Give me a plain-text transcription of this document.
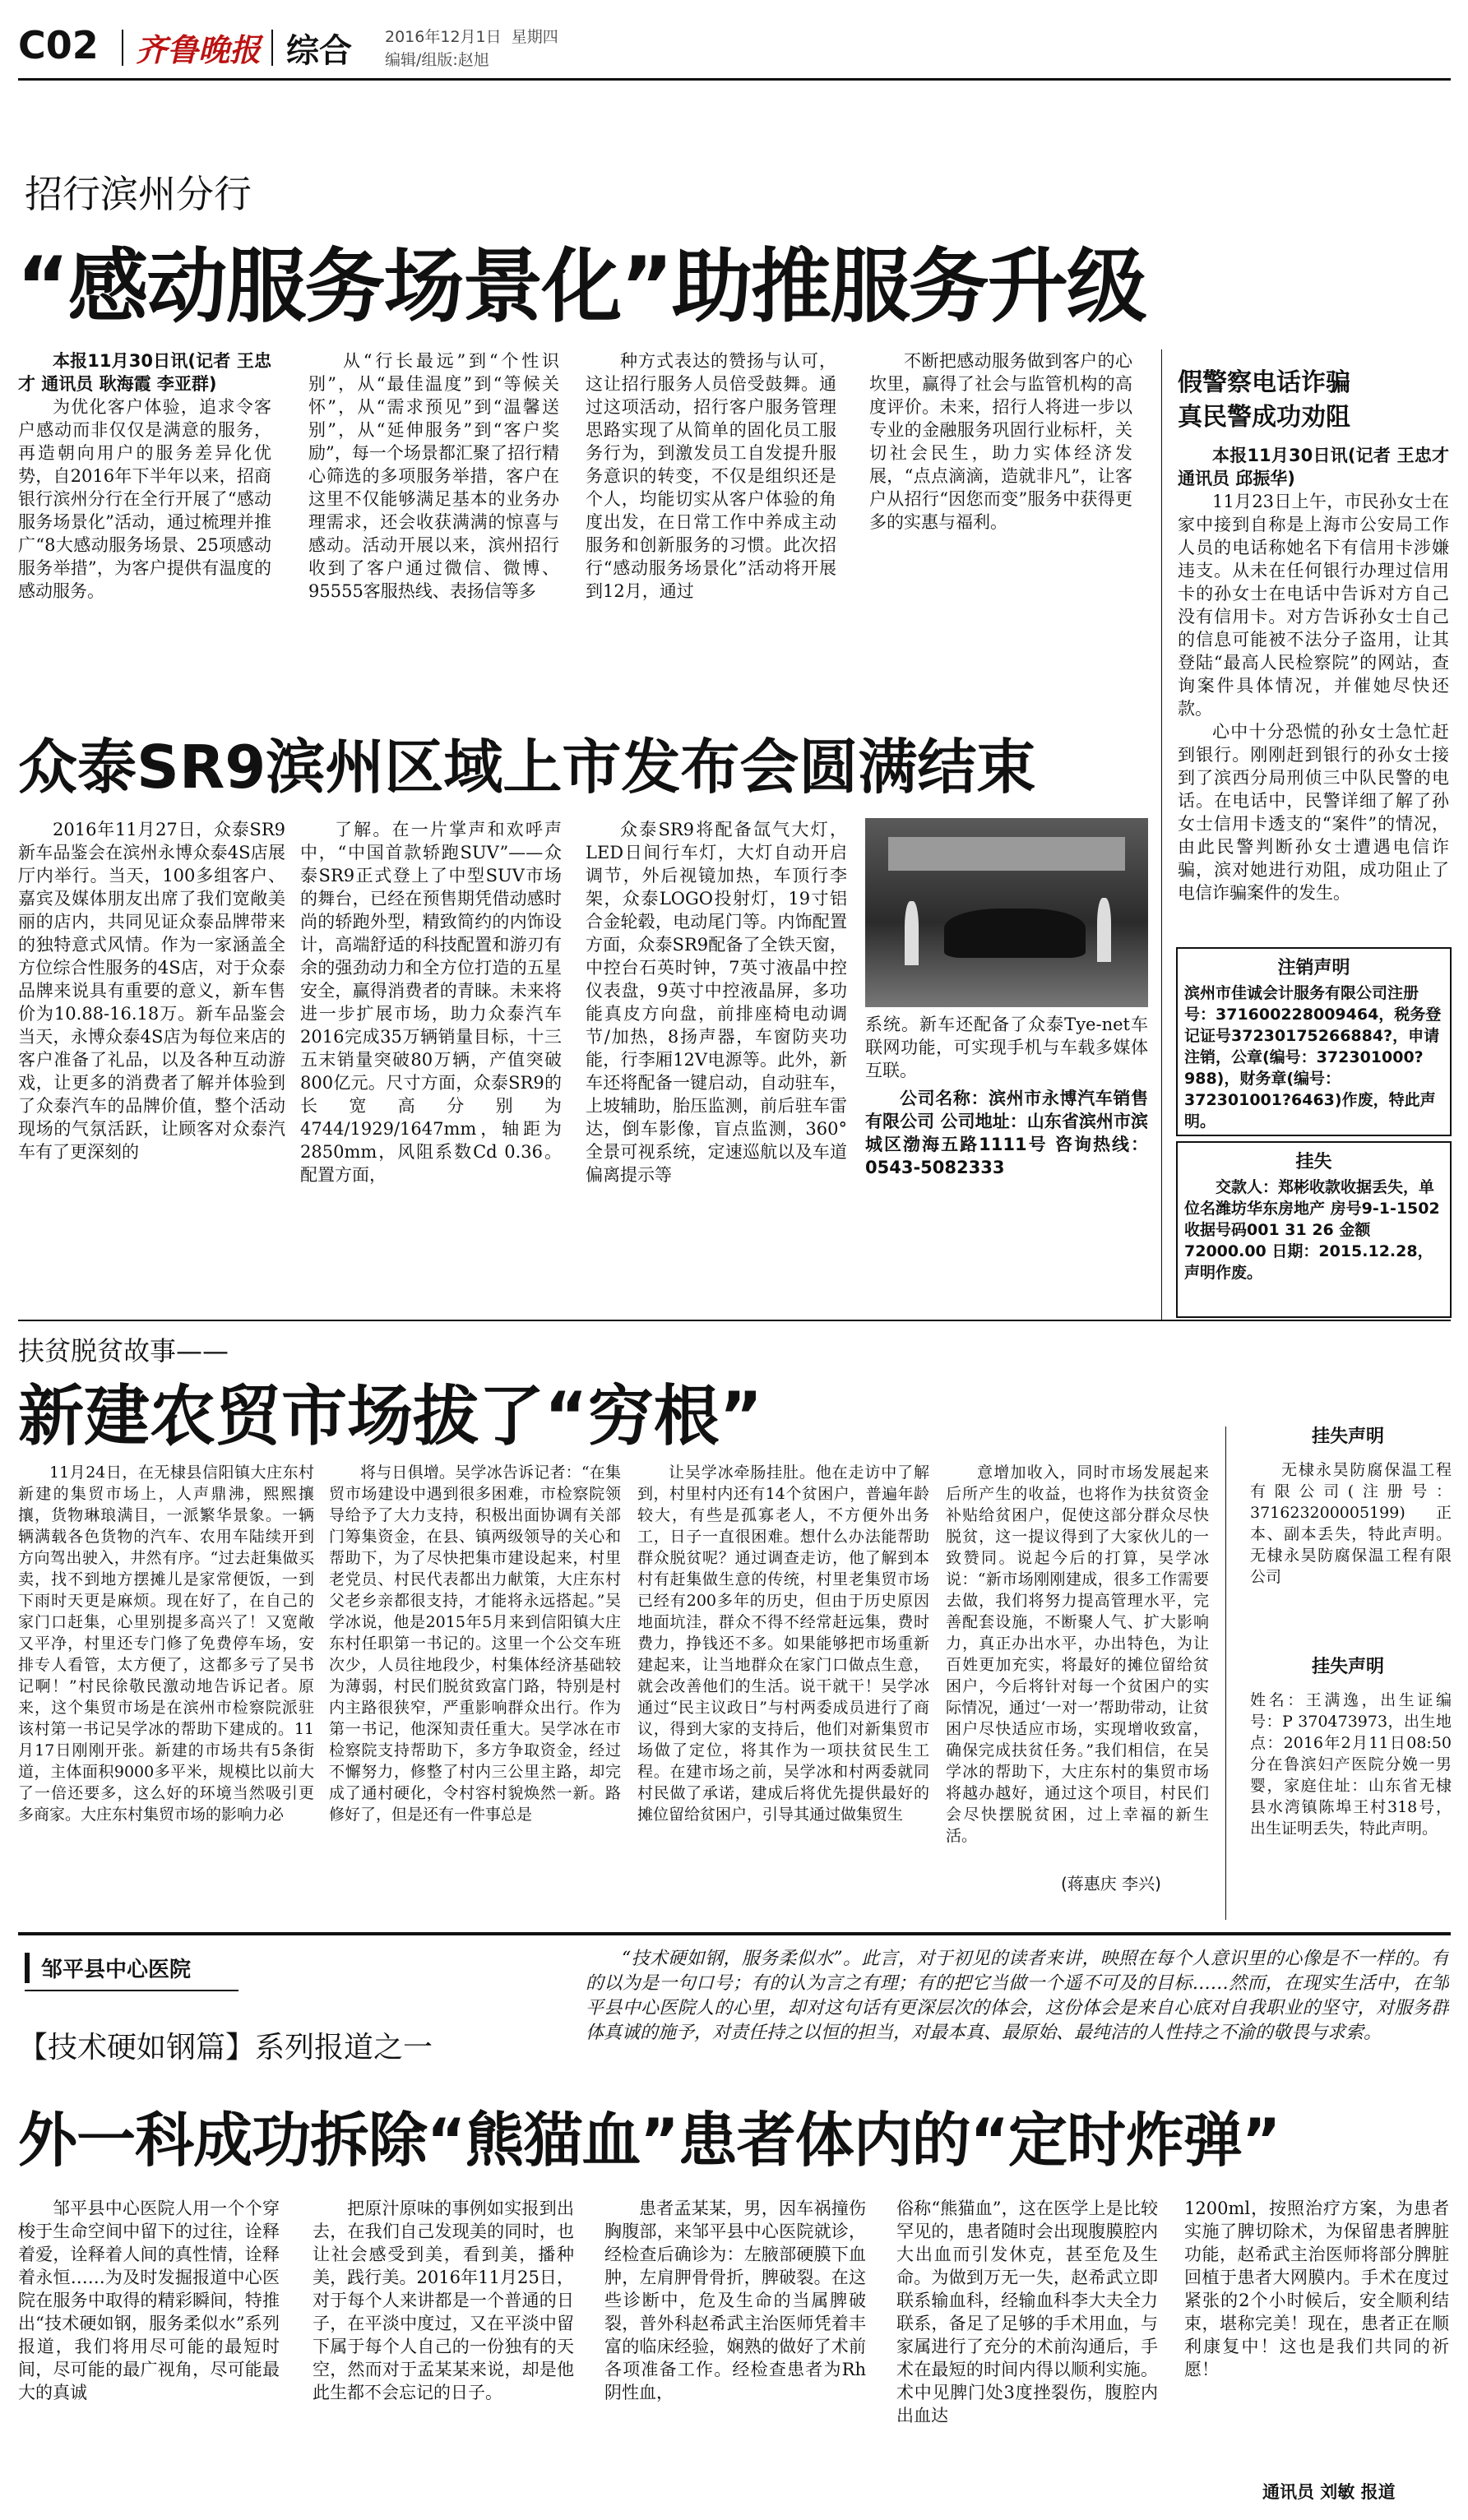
C02 齐鲁晚报 综合 2016年12月1日 星期四
编辑/组版:赵旭
招行滨州分行
“感动服务场景化”助推服务升级

本报11月30日讯(记者 王忠才 通讯员 耿海霞 李亚群)

为优化客户体验，追求令客户感动而非仅仅是满意的服务，再造朝向用户的服务差异化优势，自2016年下半年以来，招商银行滨州分行在全行开展了“感动服务场景化”活动，通过梳理并推广“8大感动服务场景、25项感动服务举措”，为客户提供有温度的感动服务。

从“行长最远”到“个性识别”，从“最佳温度”到“等候关怀”，从“需求预见”到“温馨送别”，从“延伸服务”到“客户奖励”，每一个场景都汇聚了招行精心筛选的多项服务举措，客户在这里不仅能够满足基本的业务办理需求，还会收获满满的惊喜与感动。活动开展以来，滨州招行收到了客户通过微信、微博、95555客服热线、表扬信等多

种方式表达的赞扬与认可，这让招行服务人员倍受鼓舞。通过这项活动，招行客户服务管理思路实现了从简单的固化员工服务行为，到激发员工自发提升服务意识的转变，不仅是组织还是个人，均能切实从客户体验的角度出发，在日常工作中养成主动服务和创新服务的习惯。此次招行“感动服务场景化”活动将开展到12月，通过

不断把感动服务做到客户的心坎里，赢得了社会与监管机构的高度评价。未来，招行人将进一步以专业的金融服务巩固行业标杆，关切社会民生，助力实体经济发展，“点点滴滴，造就非凡”，让客户从招行“因您而变”服务中获得更多的实惠与福利。

假警察电话诈骗
真民警成功劝阻

本报11月30日讯(记者 王忠才 通讯员 邱振华)

11月23日上午，市民孙女士在家中接到自称是上海市公安局工作人员的电话称她名下有信用卡涉嫌违支。从未在任何银行办理过信用卡的孙女士在电话中告诉对方自己没有信用卡。对方告诉孙女士自己的信息可能被不法分子盗用，让其登陆“最高人民检察院”的网站，查询案件具体情况，并催她尽快还款。

心中十分恐慌的孙女士急忙赶到银行。刚刚赶到银行的孙女士接到了滨西分局刑侦三中队民警的电话。在电话中，民警详细了解了孙女士信用卡透支的“案件”的情况，由此民警判断孙女士遭遇电信诈骗，滨对她进行劝阻，成功阻止了电信诈骗案件的发生。

注销声明
滨州市佳诚会计服务有限公司注册号：371600228009464，税务登记证号37230175266884?，申请注销，公章(编号：372301000?988)，财务章(编号：372301001?6463)作废，特此声明。
挂失
交款人：郑彬收款收据丢失，单位名潍坊华东房地产 房号9-1-1502 收据号码001 31 26 金额72000.00 日期：2015.12.28，声明作废。
众泰SR9滨州区域上市发布会圆满结束

2016年11月27日，众泰SR9新车品鉴会在滨州永博众泰4S店展厅内举行。当天，100多组客户、嘉宾及媒体朋友出席了我们宽敞美丽的店内，共同见证众泰品牌带来的独特意式风情。作为一家涵盖全方位综合性服务的4S店，对于众泰品牌来说具有重要的意义，新车售价为10.88-16.18万。新车品鉴会当天，永博众泰4S店为每位来店的客户准备了礼品，以及各种互动游戏，让更多的消费者了解并体验到了众泰汽车的品牌价值，整个活动现场的气氛活跃，让顾客对众泰汽车有了更深刻的

了解。在一片掌声和欢呼声中，“中国首款轿跑SUV”——众泰SR9正式登上了中型SUV市场的舞台，已经在预售期凭借动感时尚的轿跑外型，精致简约的内饰设计，高端舒适的科技配置和游刃有余的强劲动力和全方位打造的五星安全，赢得消费者的青睐。未来将进一步扩展市场，助力众泰汽车2016完成35万辆销量目标，十三五末销量突破80万辆，产值突破800亿元。尺寸方面，众泰SR9的长宽高分别为4744/1929/1647mm，轴距为2850mm，风阻系数Cd 0.36。配置方面，

众泰SR9将配备氙气大灯，LED日间行车灯，大灯自动开启调节，外后视镜加热，车顶行李架，众泰LOGO投射灯，19寸铝合金轮毂，电动尾门等。内饰配置方面，众泰SR9配备了全铁天窗，中控台石英时钟，7英寸液晶中控仪表盘，9英寸中控液晶屏，多功能真皮方向盘，前排座椅电动调节/加热，8扬声器，车窗防夹功能，行李厢12V电源等。此外，新车还将配备一键启动，自动驻车，上坡辅助，胎压监测，前后驻车雷达，倒车影像，盲点监测，360°全景可视系统，定速巡航以及车道偏离提示等

系统。新车还配备了众泰Tye-net车联网功能，可实现手机与车载多媒体互联。

公司名称：滨州市永博汽车销售有限公司 公司地址：山东省滨州市滨城区渤海五路1111号 咨询热线：0543-5082333

扶贫脱贫故事——
新建农贸市场拔了“穷根”

11月24日，在无棣县信阳镇大庄东村新建的集贸市场上，人声鼎沸，熙熙攘攘，货物琳琅满目，一派繁华景象。一辆辆满载各色货物的汽车、农用车陆续开到方向驾出驶入，井然有序。“过去赶集做买卖，找不到地方摆摊儿是家常便饭，一到下雨时天更是麻烦。现在好了，在自己的家门口赶集，心里别提多高兴了！又宽敞又平净，村里还专门修了免费停车场，安排专人看管，太方便了，这都多亏了吴书记啊！”村民徐敬民激动地告诉记者。原来，这个集贸市场是在滨州市检察院派驻该村第一书记吴学冰的帮助下建成的。11月17日刚刚开张。新建的市场共有5条街道，主体面积9000多平米，规模比以前大了一倍还要多，这么好的环境当然吸引更多商家。大庄东村集贸市场的影响力必

将与日俱增。吴学冰告诉记者：“在集贸市场建设中遇到很多困难，市检察院领导给予了大力支持，积极出面协调有关部门筹集资金，在县、镇两级领导的关心和帮助下，为了尽快把集市建设起来，村里老党员、村民代表都出力献策，大庄东村父老乡亲都很支持，才能将永远搭起。”吴学冰说，他是2015年5月来到信阳镇大庄东村任职第一书记的。这里一个公交车班次少，人员往地段少，村集体经济基础较为薄弱，村民们脱贫致富门路，特别是村内主路很狭窄，严重影响群众出行。作为第一书记，他深知责任重大。吴学冰在市检察院支持帮助下，多方争取资金，经过不懈努力，修整了村内三公里主路，却完成了通村硬化，令村容村貌焕然一新。路修好了，但是还有一件事总是

让吴学冰牵肠挂肚。他在走访中了解到，村里村内还有14个贫困户，普遍年龄较大，有些是孤寡老人，不方便外出务工，日子一直很困难。想什么办法能帮助群众脱贫呢？通过调查走访，他了解到本村有赶集做生意的传统，村里老集贸市场已经有200多年的历史，但由于历史原因地面坑洼，群众不得不经常赶远集，费时费力，挣钱还不多。如果能够把市场重新建起来，让当地群众在家门口做点生意，就会改善他们的生活。说干就干！吴学冰通过“民主议政日”与村两委成员进行了商议，得到大家的支持后，他们对新集贸市场做了定位，将其作为一项扶贫民生工程。在建市场之前，吴学冰和村两委就同村民做了承诺，建成后将优先提供最好的摊位留给贫困户，引导其通过做集贸生

意增加收入，同时市场发展起来后所产生的收益，也将作为扶贫资金补贴给贫困户，促使这部分群众尽快脱贫，这一提议得到了大家伙儿的一致赞同。说起今后的打算，吴学冰说：“新市场刚刚建成，很多工作需要去做，我们将努力提高管理水平，完善配套设施，不断聚人气、扩大影响力，真正办出水平，办出特色，为让百姓更加充实，将最好的摊位留给贫困户，今后将针对每一个贫困户的实际情况，通过‘一对一’帮助带动，让贫困户尽快适应市场，实现增收致富，确保完成扶贫任务。”我们相信，在吴学冰的帮助下，大庄东村的集贸市场将越办越好，通过这个项目，村民们会尽快摆脱贫困，过上幸福的新生活。

(蒋惠庆 李兴)
挂失声明

无棣永昊防腐保温工程有限公司(注册号：371623200005199)正本、副本丢失，特此声明。无棣永昊防腐保温工程有限公司

挂失声明

姓名：王满逸，出生证编号：P 370473973，出生地点：2016年2月11日08:50分在鲁滨妇产医院分娩一男婴，家庭住址：山东省无棣县水湾镇陈埠王村318号，出生证明丢失，特此声明。

邹平县中心医院
【技术硬如钢篇】系列报道之一

“技术硬如钢，服务柔似水”。此言，对于初见的读者来讲，映照在每个人意识里的心像是不一样的。有的以为是一句口号；有的认为言之有理；有的把它当做一个遥不可及的目标……然而，在现实生活中，在邹平县中心医院人的心里，却对这句话有更深层次的体会，这份体会是来自心底对自我职业的坚守，对服务群体真诚的施予，对责任持之以恒的担当，对最本真、最原始、最纯洁的人性持之不渝的敬畏与求索。

外一科成功拆除“熊猫血”患者体内的“定时炸弹”

邹平县中心医院人用一个个穿梭于生命空间中留下的过往，诠释着爱，诠释着人间的真性情，诠释着永恒……为及时发掘报道中心医院在服务中取得的精彩瞬间，特推出“技术硬如钢，服务柔似水”系列报道，我们将用尽可能的最短时间，尽可能的最广视角，尽可能最大的真诚

把原汁原味的事例如实报到出去，在我们自己发现美的同时，也让社会感受到美，看到美，播种美，践行美。2016年11月25日，对于每个人来讲都是一个普通的日子，在平淡中度过，又在平淡中留下属于每个人自己的一份独有的天空，然而对于孟某某来说，却是他此生都不会忘记的日子。

患者孟某某，男，因车祸撞伤胸腹部，来邹平县中心医院就诊，经检查后确诊为：左腋部硬膜下血肿，左肩胛骨骨折，脾破裂。在这些诊断中，危及生命的当属脾破裂，普外科赵希武主治医师凭着丰富的临床经验，娴熟的做好了术前各项准备工作。经检查患者为Rh阴性血，

俗称“熊猫血”，这在医学上是比较罕见的，患者随时会出现腹膜腔内大出血而引发休克，甚至危及生命。为做到万无一失，赵希武立即联系输血科，经输血科李大夫全力联系，备足了足够的手术用血，与家属进行了充分的术前沟通后，手术在最短的时间内得以顺利实施。术中见脾门处3度挫裂伤，腹腔内出血达

1200ml，按照治疗方案，为患者实施了脾切除术，为保留患者脾脏功能，赵希武主治医师将部分脾脏回植于患者大网膜内。手术在度过紧张的2个小时候后，安全顺利结束，堪称完美！现在，患者正在顺利康复中！这也是我们共同的祈愿！

通讯员 刘敏 报道
